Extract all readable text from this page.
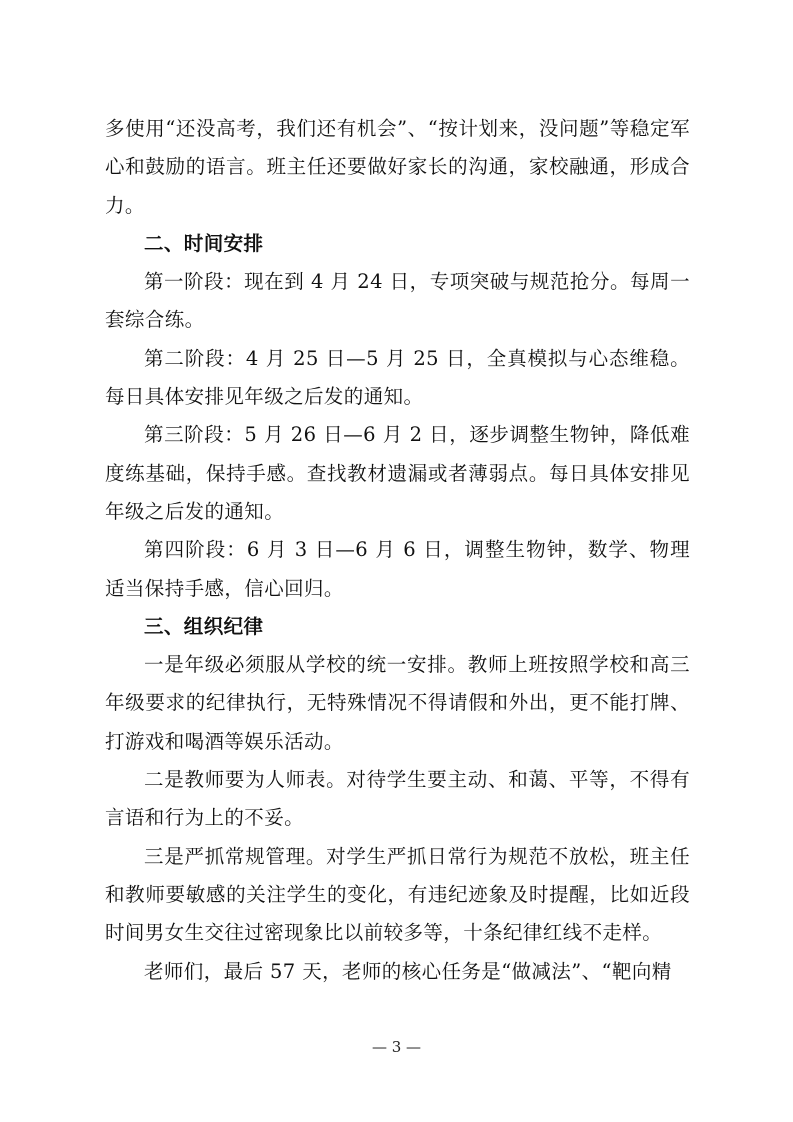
多使用“还没高考，我们还有机会”、“按计划来，没问题”等稳定军心和鼓励的语言。班主任还要做好家长的沟通，家校融通，形成合力。

二、时间安排

第一阶段：现在到 4 月 24 日，专项突破与规范抢分。每周一套综合练。

第二阶段：4 月 25 日—5 月 25 日，全真模拟与心态维稳。每日具体安排见年级之后发的通知。

第三阶段：5 月 26 日—6 月 2 日，逐步调整生物钟，降低难度练基础，保持手感。查找教材遗漏或者薄弱点。每日具体安排见年级之后发的通知。

第四阶段：6 月 3 日—6 月 6 日，调整生物钟，数学、物理适当保持手感，信心回归。

三、组织纪律

一是年级必须服从学校的统一安排。教师上班按照学校和高三年级要求的纪律执行，无特殊情况不得请假和外出，更不能打牌、打游戏和喝酒等娱乐活动。

二是教师要为人师表。对待学生要主动、和蔼、平等，不得有言语和行为上的不妥。

三是严抓常规管理。对学生严抓日常行为规范不放松，班主任和教师要敏感的关注学生的变化，有违纪迹象及时提醒，比如近段时间男女生交往过密现象比以前较多等，十条纪律红线不走样。

老师们，最后 57 天，老师的核心任务是“做减法”、“靶向精

— 3 —
